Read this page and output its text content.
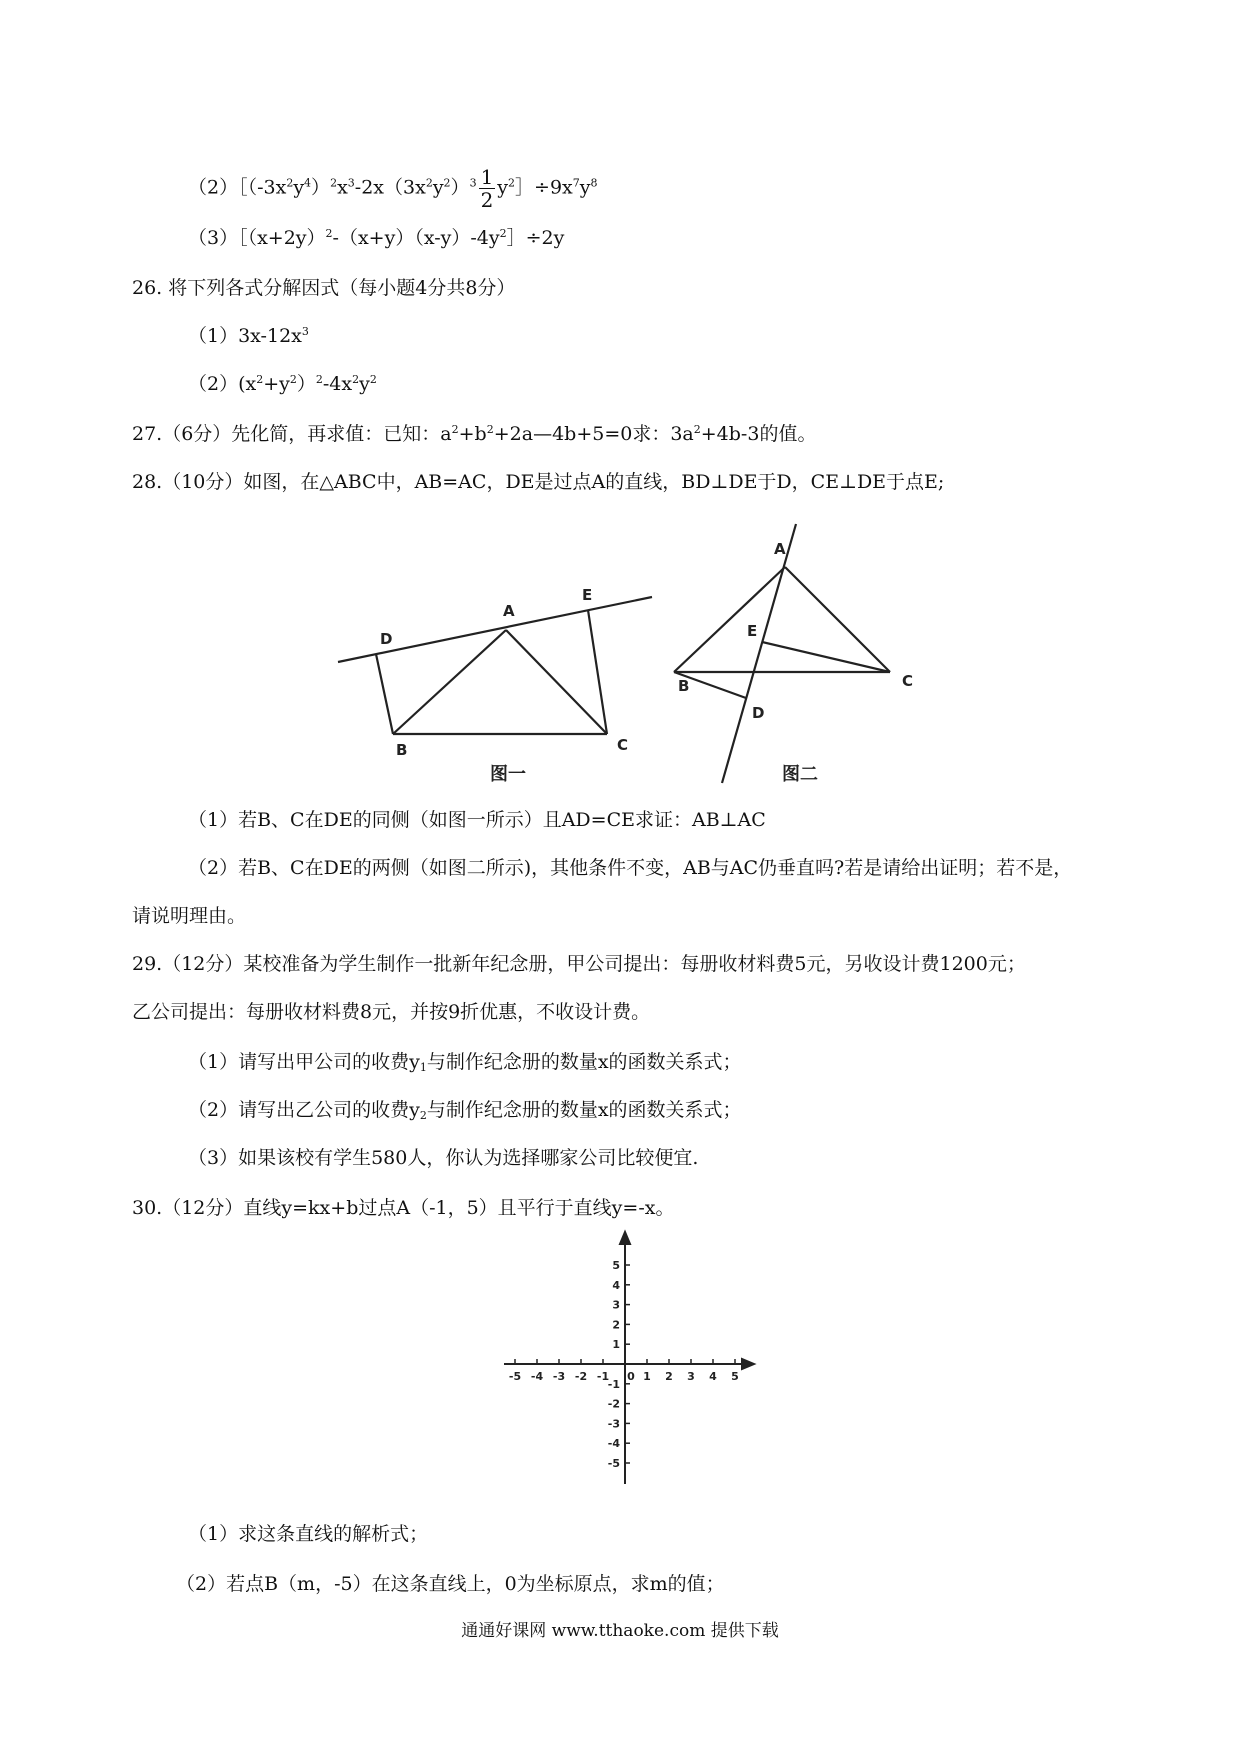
$(2)[(-3x^2y^4)^2x^3-2x(3x^2y^2)^3 \frac{1}{2}$ $y^2]\div 9x^7y^8$
$(3)[(x+2y)^2-(x+y)(x-y)-4y^2]\div 2y$
26. 将下列各式分解因式（每小题4分共8分）
$(1)3x-12x^3$
$(2)(x^2+y^2)^2-4x^2y^2$
27.（6分）先化简，再求值：已知：$a^2+b^2+2a—4b+5=0$求：$3a^2+4b-3$的值。
28.（10分）如图，在△ABC中，AB=AC，DE是过点A的直线，BD⊥DE于D，CE⊥DE于点E;
D
A
E
B	C
图一
A
E
B
D
C
图二
（1）若B、C在DE的同侧（如图一所示）且AD=CE求证：AB⊥AC
（2）若B、C在DE的两侧（如图二所示)，其他条件不变，AB与AC仍垂直吗?若是请给出证明；若不是，
请说明理由。
29.（12分）某校准备为学生制作一批新年纪念册，甲公司提出：每册收材料费5元，另收设计费1200元；
乙公司提出：每册收材料费8元，并按9折优惠，不收设计费。
（1）请写出甲公司的收费$y_1$与制作纪念册的数量x的函数关系式；
（2）请写出乙公司的收费$y_2$与制作纪念册的数量x的函数关系式；
（3）如果该校有学生580人，你认为选择哪家公司比较便宜.
30.（12分）直线y=kx+b过点A（-1，5）且平行于直线y=-x。
-5 -4 -3 -2 -1 0 1 2 3 4 5
5
4
3
2
1
-1
-2
-3
-4
-5
（1）求这条直线的解析式；
（2）若点B（m，-5）在这条直线上，0为坐标原点，求m的值；
通通好课网 www.tthaoke.com 提供下载
